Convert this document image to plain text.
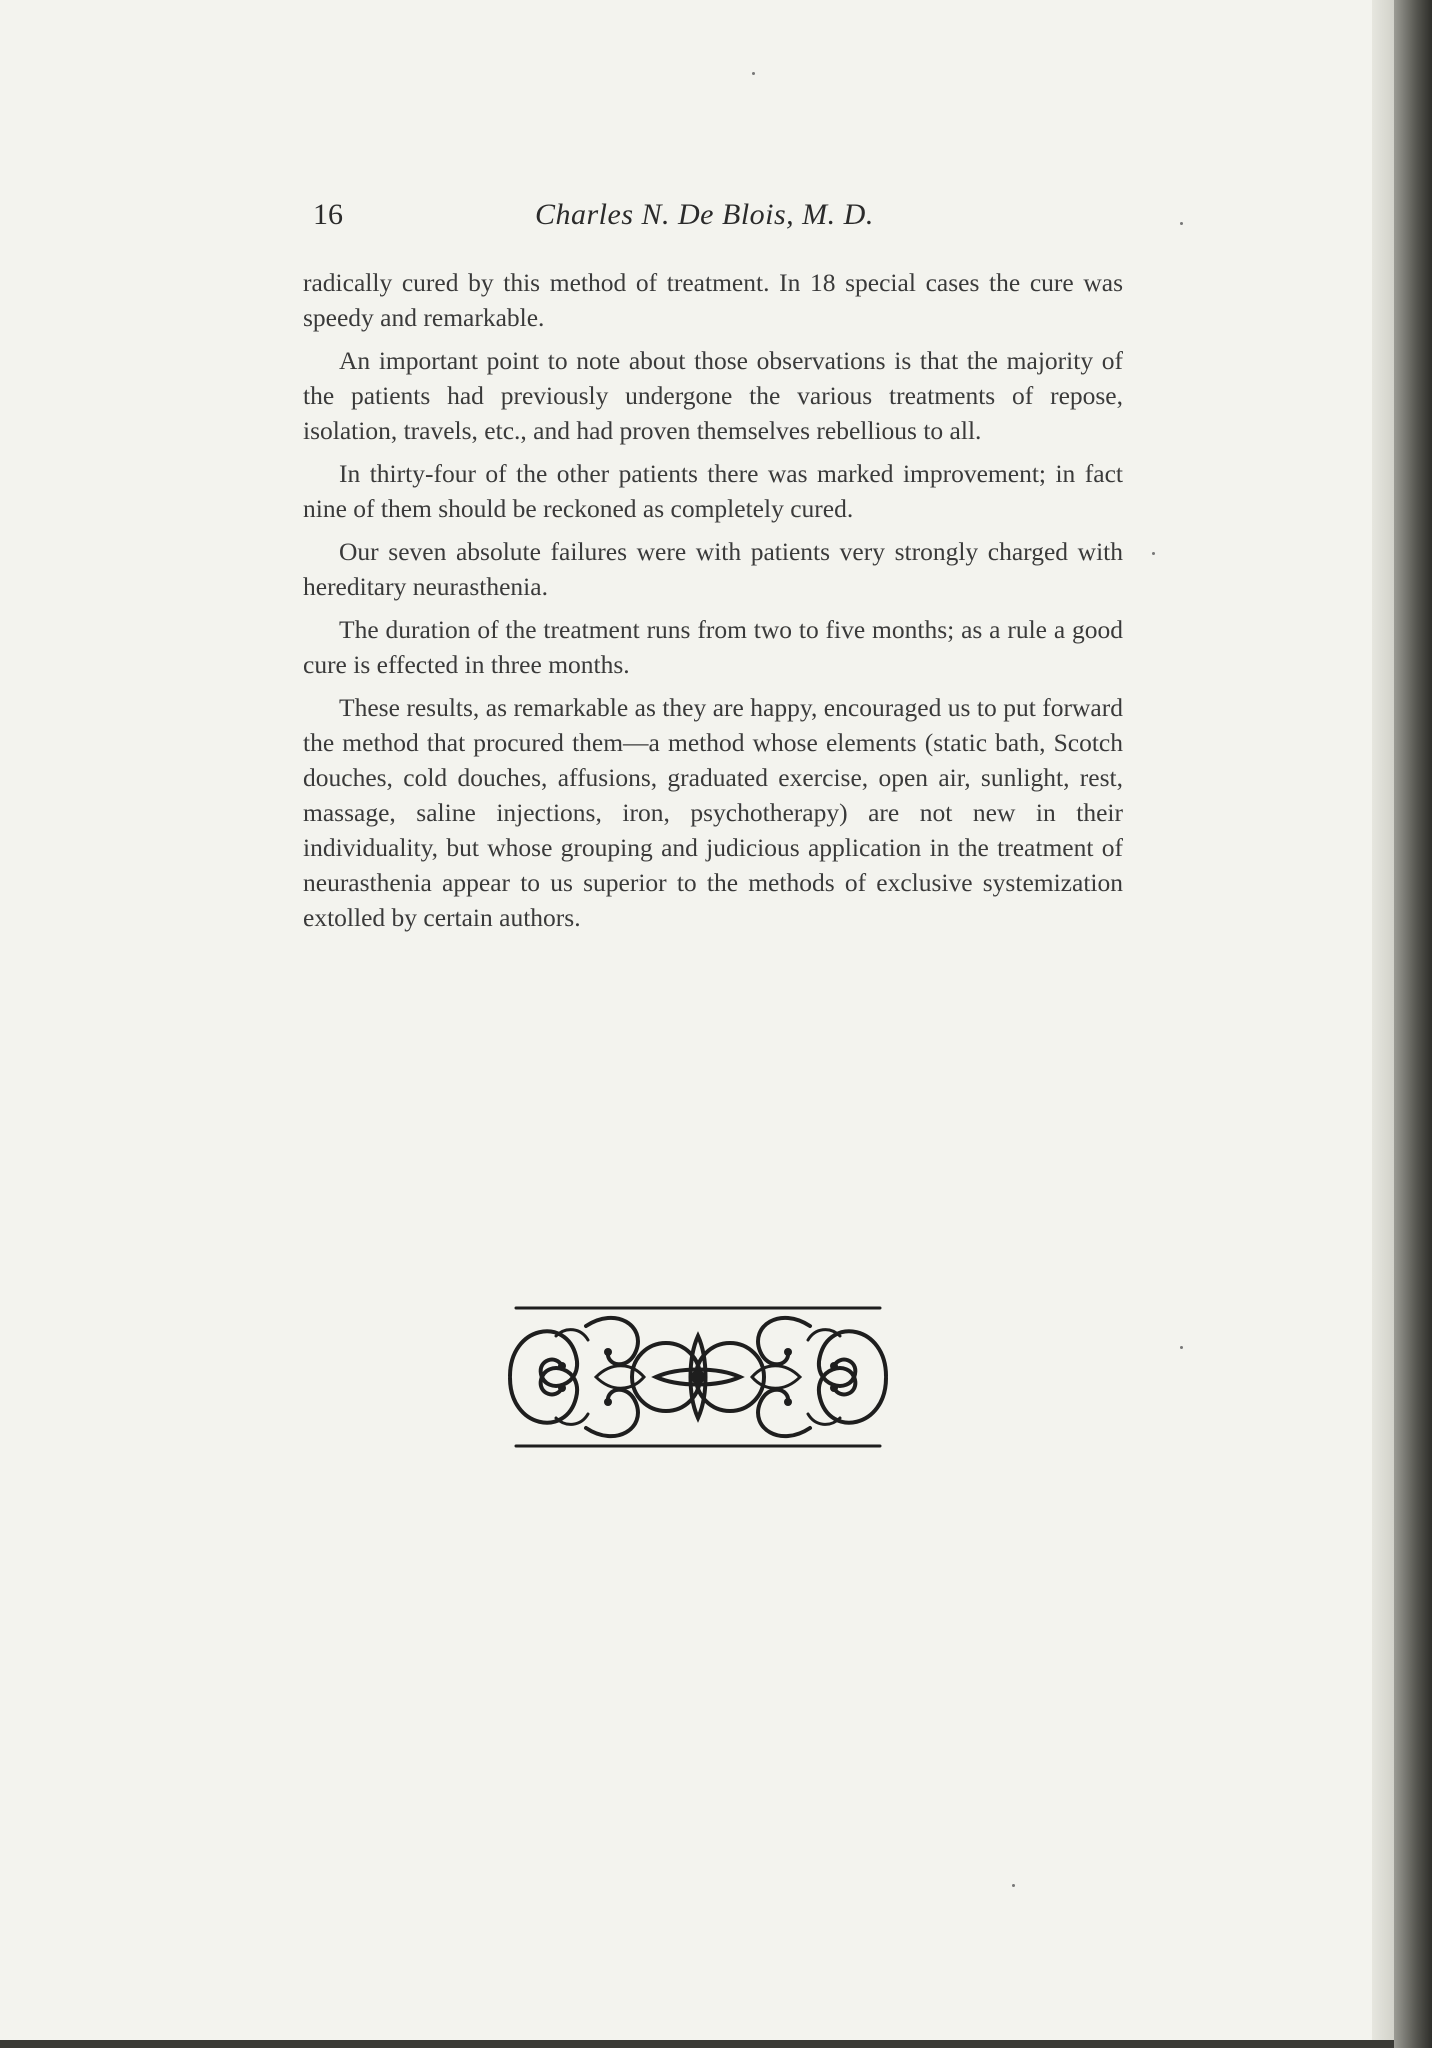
16	Charles N. De Blois, M. D.

radically cured by this method of treatment. In 18 special cases the cure was speedy and remarkable.

An important point to note about those observations is that the majority of the patients had previously undergone the various treatments of repose, isolation, travels, etc., and had proven themselves rebellious to all.

In thirty-four of the other patients there was marked improvement; in fact nine of them should be reckoned as completely cured.

Our seven absolute failures were with patients very strongly charged with hereditary neurasthenia.

The duration of the treatment runs from two to five months; as a rule a good cure is effected in three months.

These results, as remarkable as they are happy, encouraged us to put forward the method that procured them—a method whose elements (static bath, Scotch douches, cold douches, affusions, graduated exercise, open air, sunlight, rest, massage, saline injections, iron, psychotherapy) are not new in their individuality, but whose grouping and judicious application in the treatment of neurasthenia appear to us superior to the methods of exclusive systemization extolled by certain authors.
